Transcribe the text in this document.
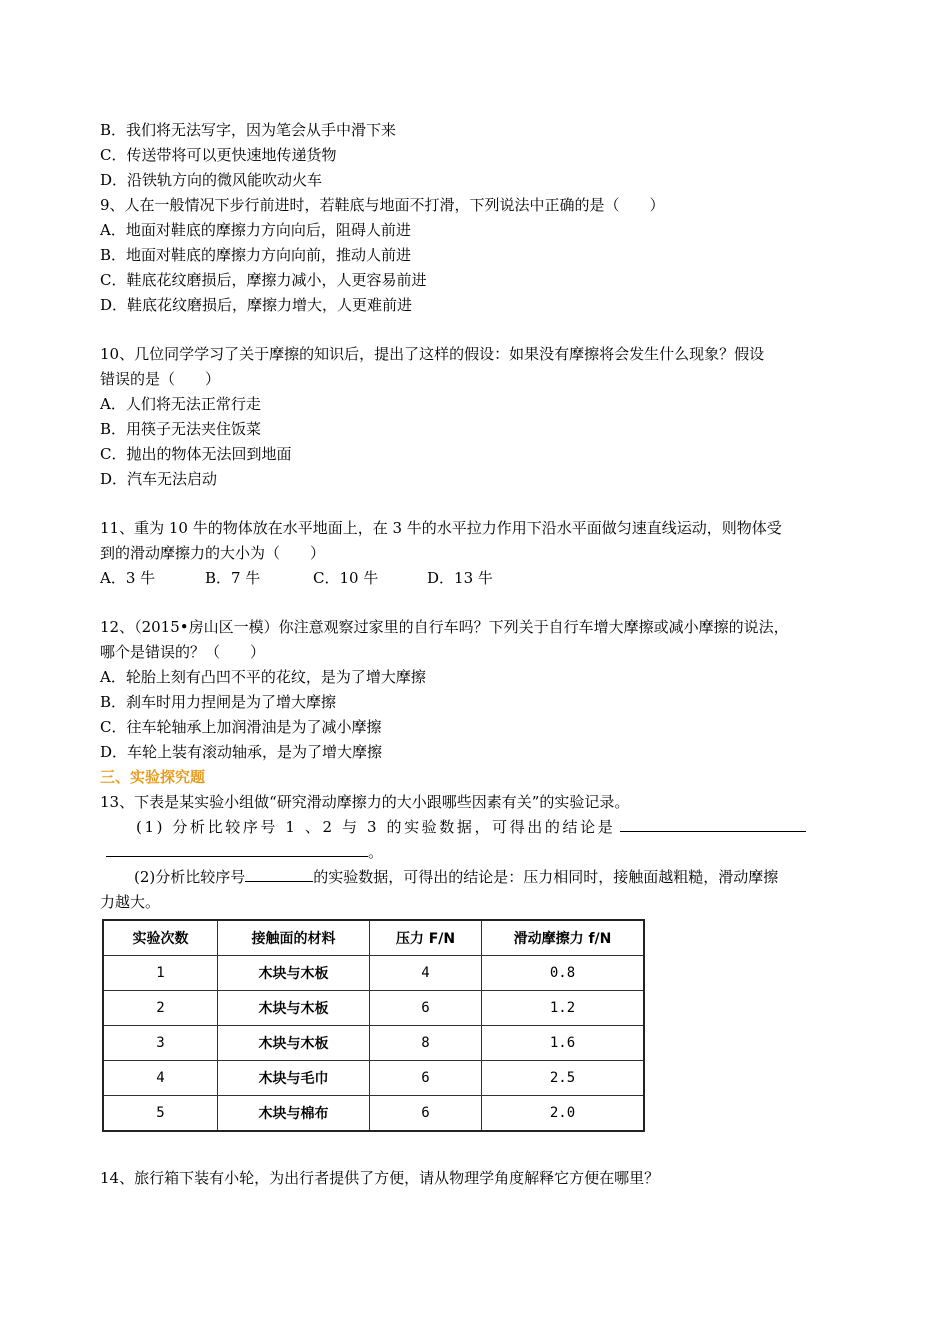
B．我们将无法写字，因为笔会从手中滑下来
C．传送带将可以更快速地传递货物
D．沿铁轨方向的微风能吹动火车
9、人在一般情况下步行前进时，若鞋底与地面不打滑，下列说法中正确的是（　　）
A．地面对鞋底的摩擦力方向向后，阻碍人前进
B．地面对鞋底的摩擦力方向向前，推动人前进
C．鞋底花纹磨损后，摩擦力减小，人更容易前进
D．鞋底花纹磨损后，摩擦力增大，人更难前进
10、几位同学学习了关于摩擦的知识后，提出了这样的假设：如果没有摩擦将会发生什么现象？假设
错误的是（　　）
A．人们将无法正常行走
B．用筷子无法夹住饭菜
C．抛出的物体无法回到地面
D．汽车无法启动
11、重为 10 牛的物体放在水平地面上，在 3 牛的水平拉力作用下沿水平面做匀速直线运动，则物体受
到的滑动摩擦力的大小为（　　）
A．3 牛	B．7 牛	C．10 牛	D．13 牛
12、（2015•房山区一模）你注意观察过家里的自行车吗？下列关于自行车增大摩擦或减小摩擦的说法，
哪个是错误的？（　　）
A．轮胎上刻有凸凹不平的花纹，是为了增大摩擦
B．刹车时用力捏闸是为了增大摩擦
C．往车轮轴承上加润滑油是为了减小摩擦
D．车轮上装有滚动轴承，是为了增大摩擦
三、实验探究题
13、下表是某实验小组做“研究滑动摩擦力的大小跟哪些因素有关”的实验记录。
(1) 分析比较序号 1 、2 与 3 的实验数据，可得出的结论是
。
(2)分析比较序号	的实验数据，可得出的结论是：压力相同时，接触面越粗糙，滑动摩擦
力越大。
实验次数	接触面的材料	压力 F/N	滑动摩擦力 f/N
1	木块与木板	4	0.8
2	木块与木板	6	1.2
3	木块与木板	8	1.6
4	木块与毛巾	6	2.5
5	木块与棉布	6	2.0
14、旅行箱下装有小轮，为出行者提供了方便，请从物理学角度解释它方便在哪里？
